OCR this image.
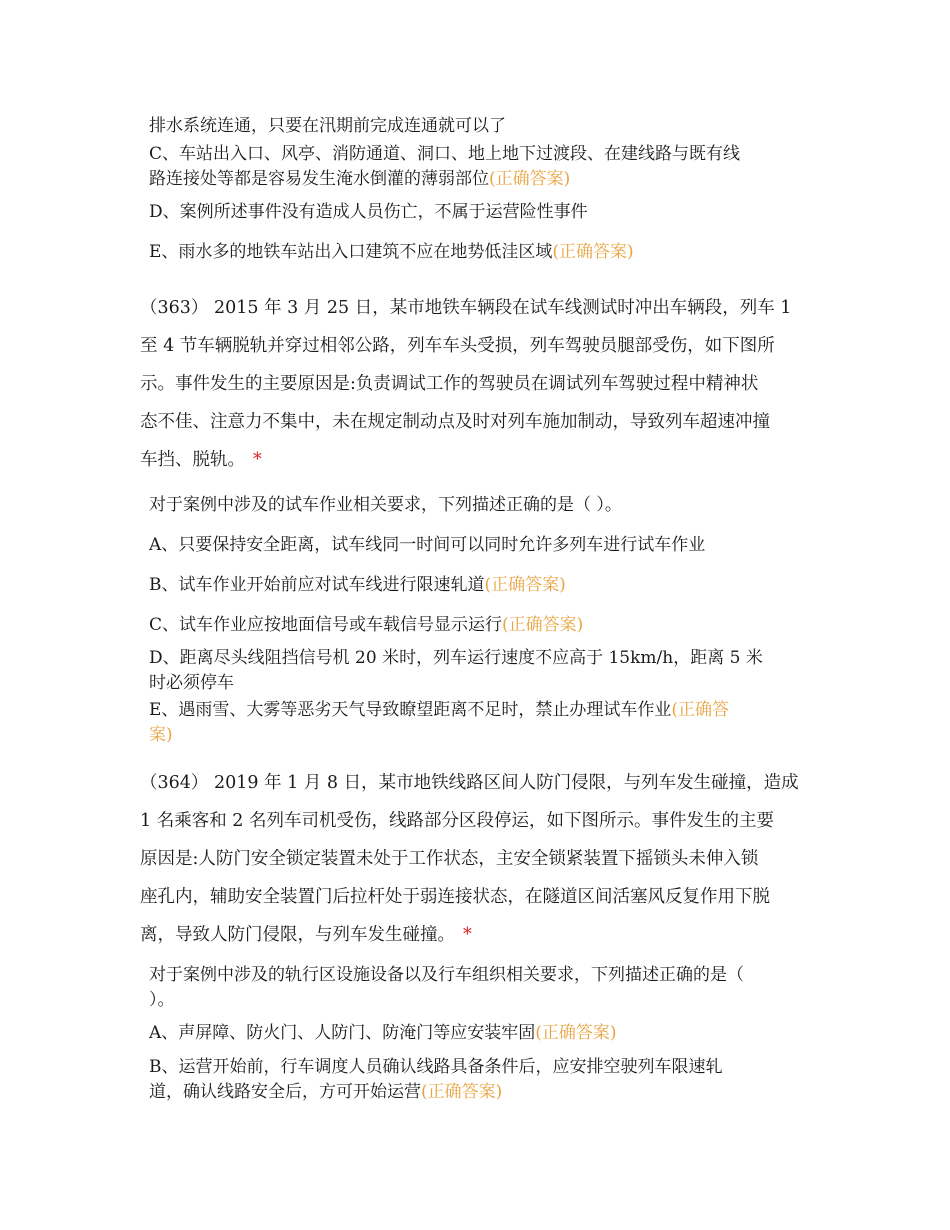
排水系统连通，只要在汛期前完成连通就可以了
C、车站出入口、风亭、消防通道、洞口、地上地下过渡段、在建线路与既有线
路连接处等都是容易发生淹水倒灌的薄弱部位(正确答案)
D、案例所述事件没有造成人员伤亡，不属于运营险性事件
E、雨水多的地铁车站出入口建筑不应在地势低洼区域(正确答案)
（363） 2015 年 3 月 25 日，某市地铁车辆段在试车线测试时冲出车辆段，列车 1
至 4 节车辆脱轨并穿过相邻公路，列车车头受损，列车驾驶员腿部受伤，如下图所
示。事件发生的主要原因是:负责调试工作的驾驶员在调试列车驾驶过程中精神状
态不佳、注意力不集中，未在规定制动点及时对列车施加制动，导致列车超速冲撞
车挡、脱轨。 *
对于案例中涉及的试车作业相关要求，下列描述正确的是（ ）。
A、只要保持安全距离，试车线同一时间可以同时允许多列车进行试车作业
B、试车作业开始前应对试车线进行限速轧道(正确答案)
C、试车作业应按地面信号或车载信号显示运行(正确答案)
D、距离尽头线阻挡信号机 20 米时，列车运行速度不应高于 15km/h，距离 5 米
时必须停车
E、遇雨雪、大雾等恶劣天气导致瞭望距离不足时，禁止办理试车作业(正确答
案)
（364） 2019 年 1 月 8 日，某市地铁线路区间人防门侵限，与列车发生碰撞，造成
1 名乘客和 2 名列车司机受伤，线路部分区段停运，如下图所示。事件发生的主要
原因是:人防门安全锁定装置未处于工作状态，主安全锁紧装置下摇锁头未伸入锁
座孔内，辅助安全装置门后拉杆处于弱连接状态，在隧道区间活塞风反复作用下脱
离，导致人防门侵限，与列车发生碰撞。 *
对于案例中涉及的轨行区设施设备以及行车组织相关要求，下列描述正确的是（
）。
A、声屏障、防火门、人防门、防淹门等应安装牢固(正确答案)
B、运营开始前，行车调度人员确认线路具备条件后，应安排空驶列车限速轧
道，确认线路安全后，方可开始运营(正确答案)
